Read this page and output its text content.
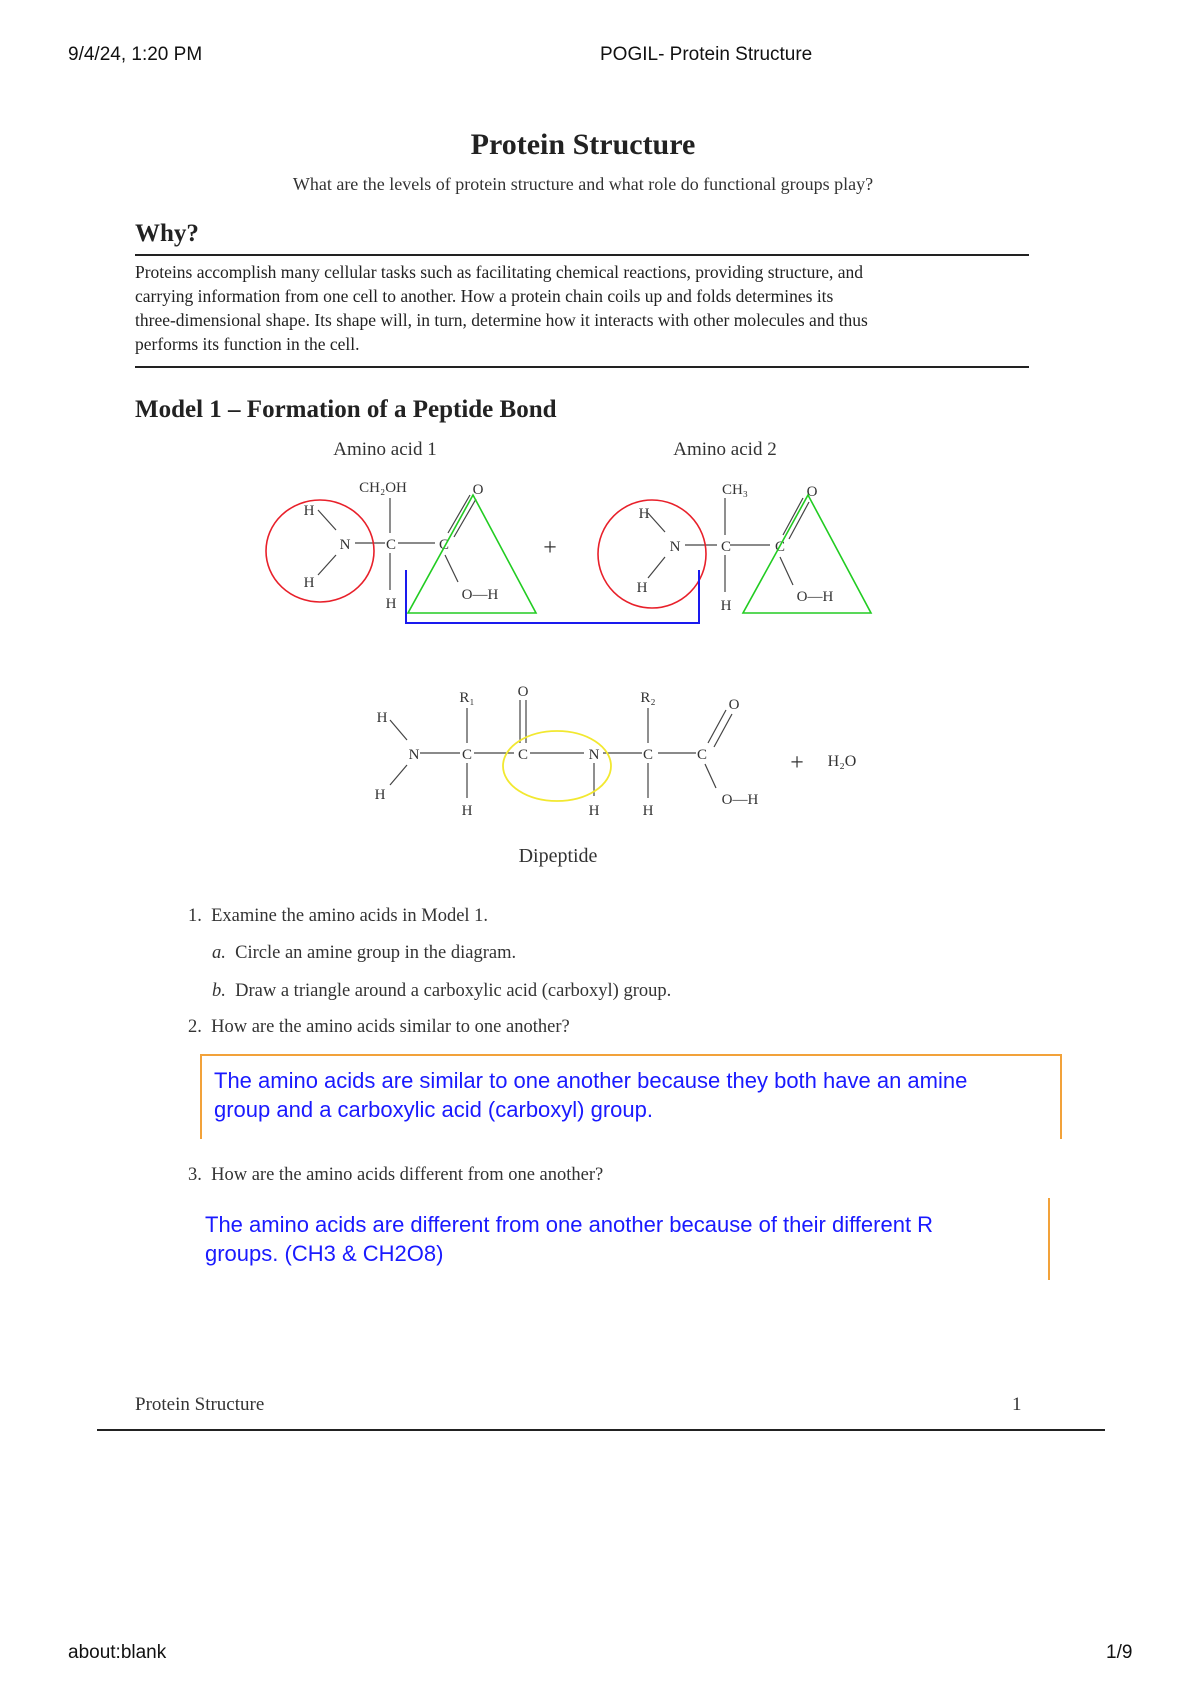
9/4/24, 1:20 PM	POGIL- Protein Structure
Protein Structure
What are the levels of protein structure and what role do functional groups play?
Why?
Proteins accomplish many cellular tasks such as facilitating chemical reactions, providing structure, and
carrying information from one cell to another. How a protein chain coils up and folds determines its
three-dimensional shape. Its shape will, in turn, determine how it interacts with other molecules and thus
performs its function in the cell.
Model 1 – Formation of a Peptide Bond
Amino acid 1	Amino acid 2
CH₂OH
H
H
N C
H
C
O
O—H
+
CH₃
H
H
N	C
H
C
O
O—H
R₁	R₂
H
H
N	C
H
C
O
N
H
C
H
C
O
O—H
+ H₂O
Dipeptide
1. Examine the amino acids in Model 1.
a. Circle an amine group in the diagram.
b. Draw a triangle around a carboxylic acid (carboxyl) group.
2. How are the amino acids similar to one another?
The amino acids are similar to one another because they both have an amine
group and a carboxylic acid (carboxyl) group.
3. How are the amino acids different from one another?
The amino acids are different from one another because of their different R
groups. (CH3 & CH2O8)
Protein Structure	1
about:blank	1/9
